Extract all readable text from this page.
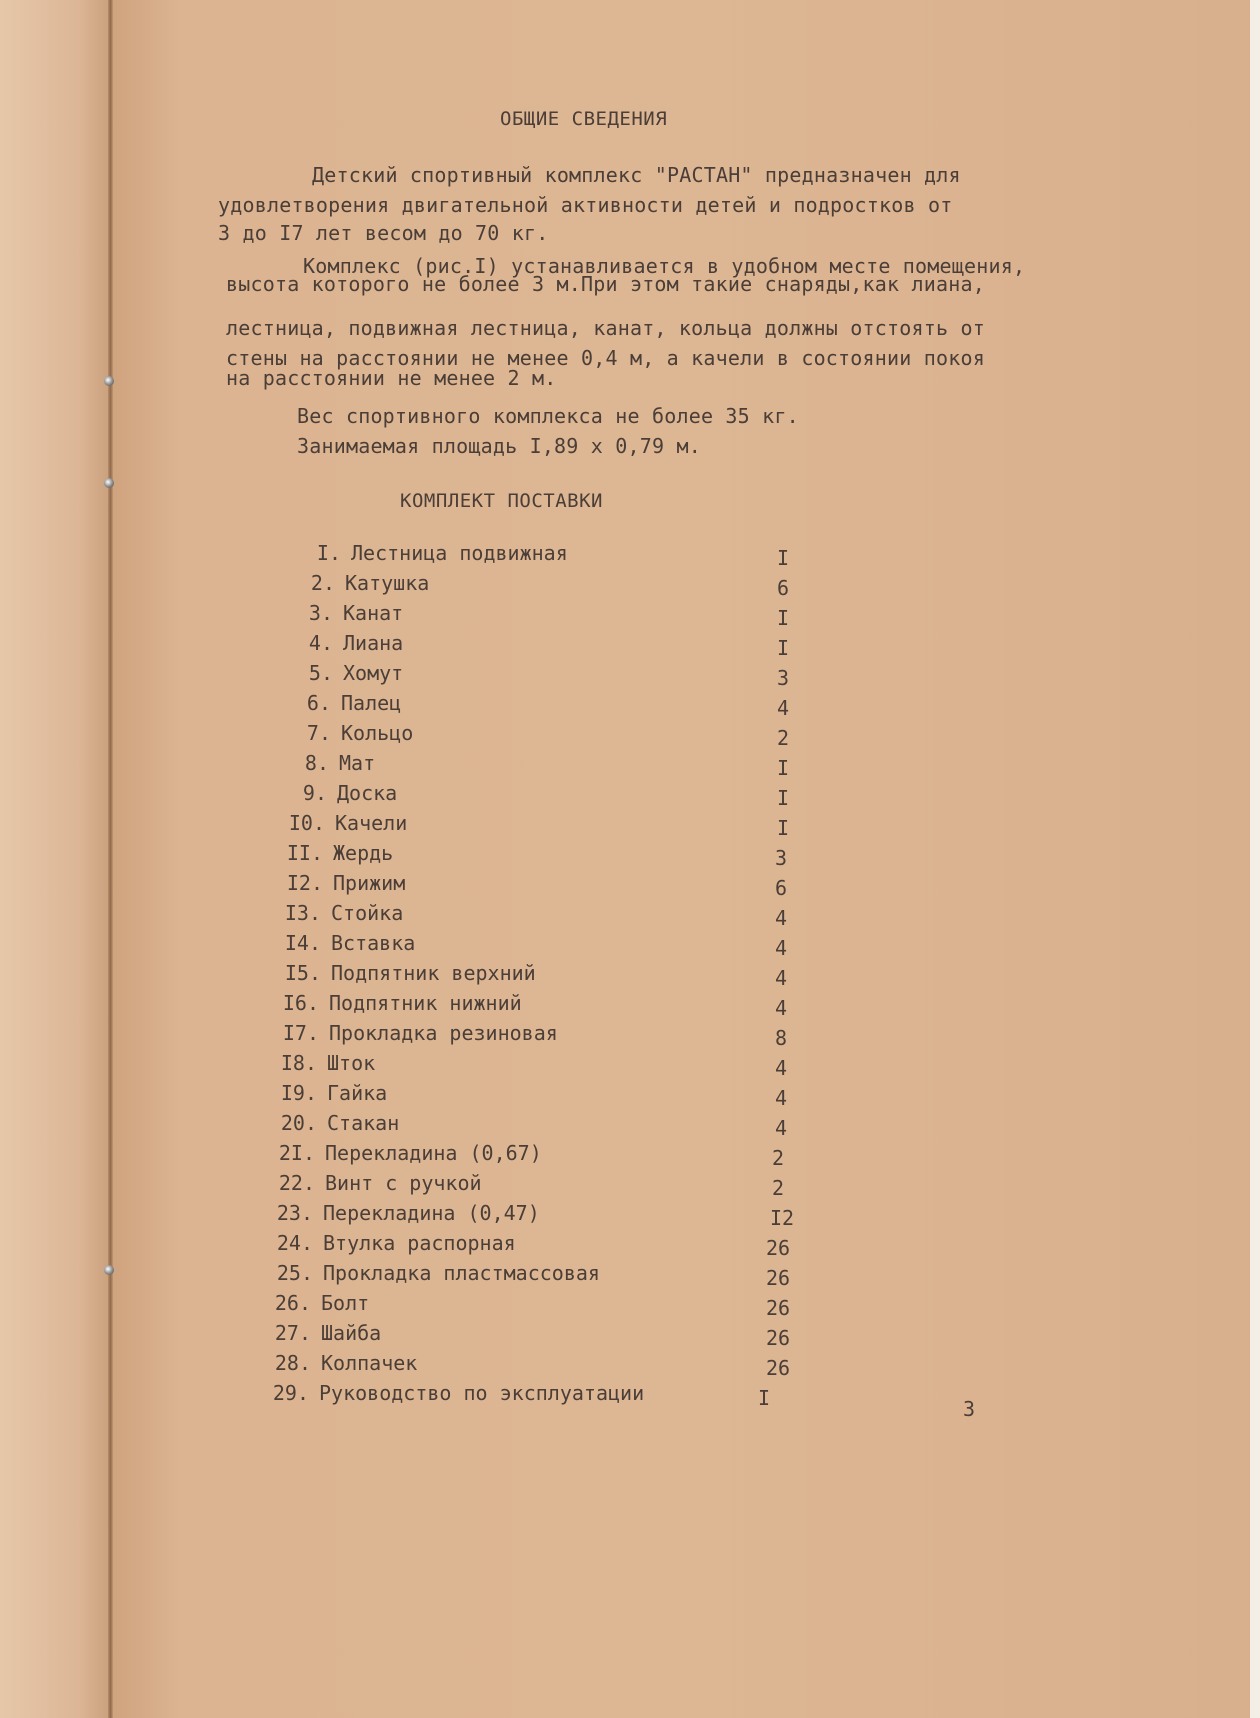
ОБЩИЕ СВЕДЕНИЯ
Детский спортивный комплекс "РАСТАН" предназначен для
удовлетворения двигательной активности детей и подростков от
3 до I7 лет весом до 70 кг.
Комплекс (рис.I) устанавливается в удобном месте помещения,
высота которого не более 3 м.При этом такие снаряды,как лиана,
лестница, подвижная лестница, канат, кольца должны отстоять от
стены на расстоянии не менее 0,4 м, а качели в состоянии покоя
на расстоянии не менее 2 м.
Вес спортивного комплекса не более 35 кг.
Занимаемая площадь I,89 x 0,79 м.
КОМПЛЕКТ ПОСТАВКИ
I. Лестница подвижная	I
2. Катушка	6
3. Канат	I
4. Лиана	I
5. Хомут	3
6. Палец	4
7. Кольцо	2
8. Мат	I
9. Доска	I
I0. Качели	I
II. Жердь	3
I2. Прижим	6
I3. Стойка	4
I4. Вставка	4
I5. Подпятник верхний	4
I6. Подпятник нижний	4
I7. Прокладка резиновая	8
I8. Шток	4
I9. Гайка	4
20. Стакан	4
2I. Перекладина (0,67)	2
22. Винт с ручкой	2
23. Перекладина (0,47)	I2
24. Втулка распорная	26
25. Прокладка пластмассовая	26
26. Болт	26
27. Шайба	26
28. Колпачек	26
29. Руководство по эксплуатации	I	3
